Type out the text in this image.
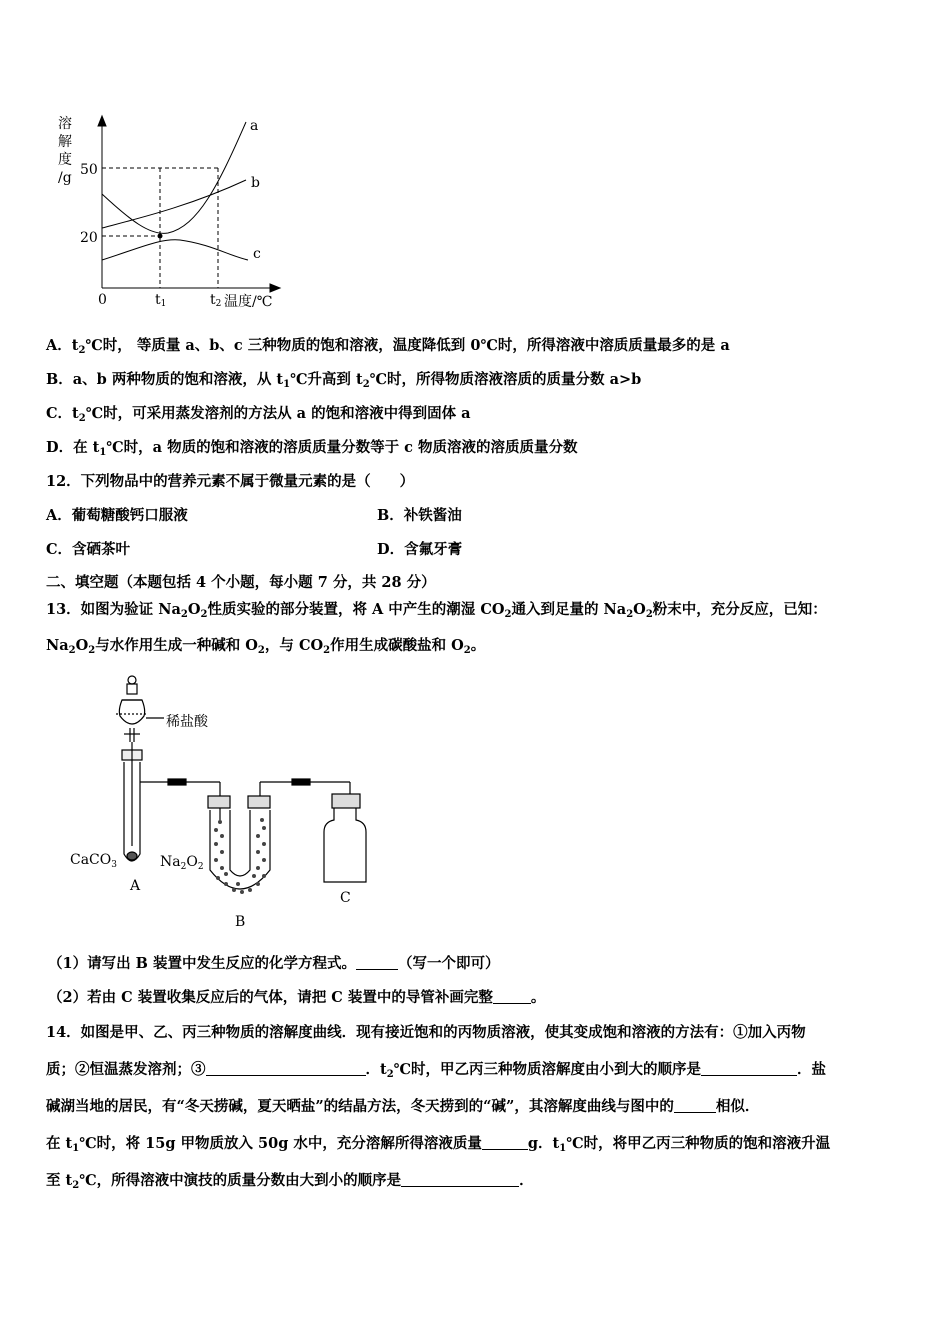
溶
解
度
/g 50
20
0	t1	t2 温度/℃
a
b
c
A．$t_2℃$时， 等质量 a、b、c 三种物质的饱和溶液，温度降低到 0℃时，所得溶液中溶质质量最多的是 a
B．a、b 两种物质的饱和溶液，从 $t_1℃$升高到 $t_2℃$时，所得物质溶液溶质的质量分数 a>b
C．$t_2℃$时，可采用蒸发溶剂的方法从 a 的饱和溶液中得到固体 a
D．在 $t_1℃$时，a 物质的饱和溶液的溶质质量分数等于 c 物质溶液的溶质质量分数
12．下列物品中的营养元素不属于微量元素的是（　　）
A．葡萄糖酸钙口服液	B．补铁酱油
C．含硒茶叶	D．含氟牙膏
二、填空题（本题包括 4 个小题，每小题 7 分，共 28 分）
13．如图为验证 $Na_2O_2$性质实验的部分装置，将 A 中产生的潮湿 $CO_2$通入到足量的 $Na_2O_2$粉末中，充分反应，已知：
$Na_2O_2$与水作用生成一种碱和 $O_2$，与 $CO_2$作用生成碳酸盐和 $O_2$。
稀盐酸
CaCO$_3$	$Na_2O_2$
A
B
C
（1）请写出 B 装置中发生反应的化学方程式。	（写一个即可）
（2）若由 C 装置收集反应后的气体，请把 C 装置中的导管补画完整	。
14．如图是甲、乙、丙三种物质的溶解度曲线．现有接近饱和的丙物质溶液，使其变成饱和溶液的方法有：①加入丙物
质；②恒温蒸发溶剂；③	．$t_2℃$时，甲乙丙三种物质溶解度由小到大的顺序是	．盐
碱湖当地的居民，有“冬天捞碱，夏天晒盐”的结晶方法，冬天捞到的“碱”，其溶解度曲线与图中的	相似．
在 $t_1℃$时，将 15g 甲物质放入 50g 水中，充分溶解所得溶液质量	g．$t_1℃$时，将甲乙丙三种物质的饱和溶液升温
至 $t_2℃$，所得溶液中演技的质量分数由大到小的顺序是	．
